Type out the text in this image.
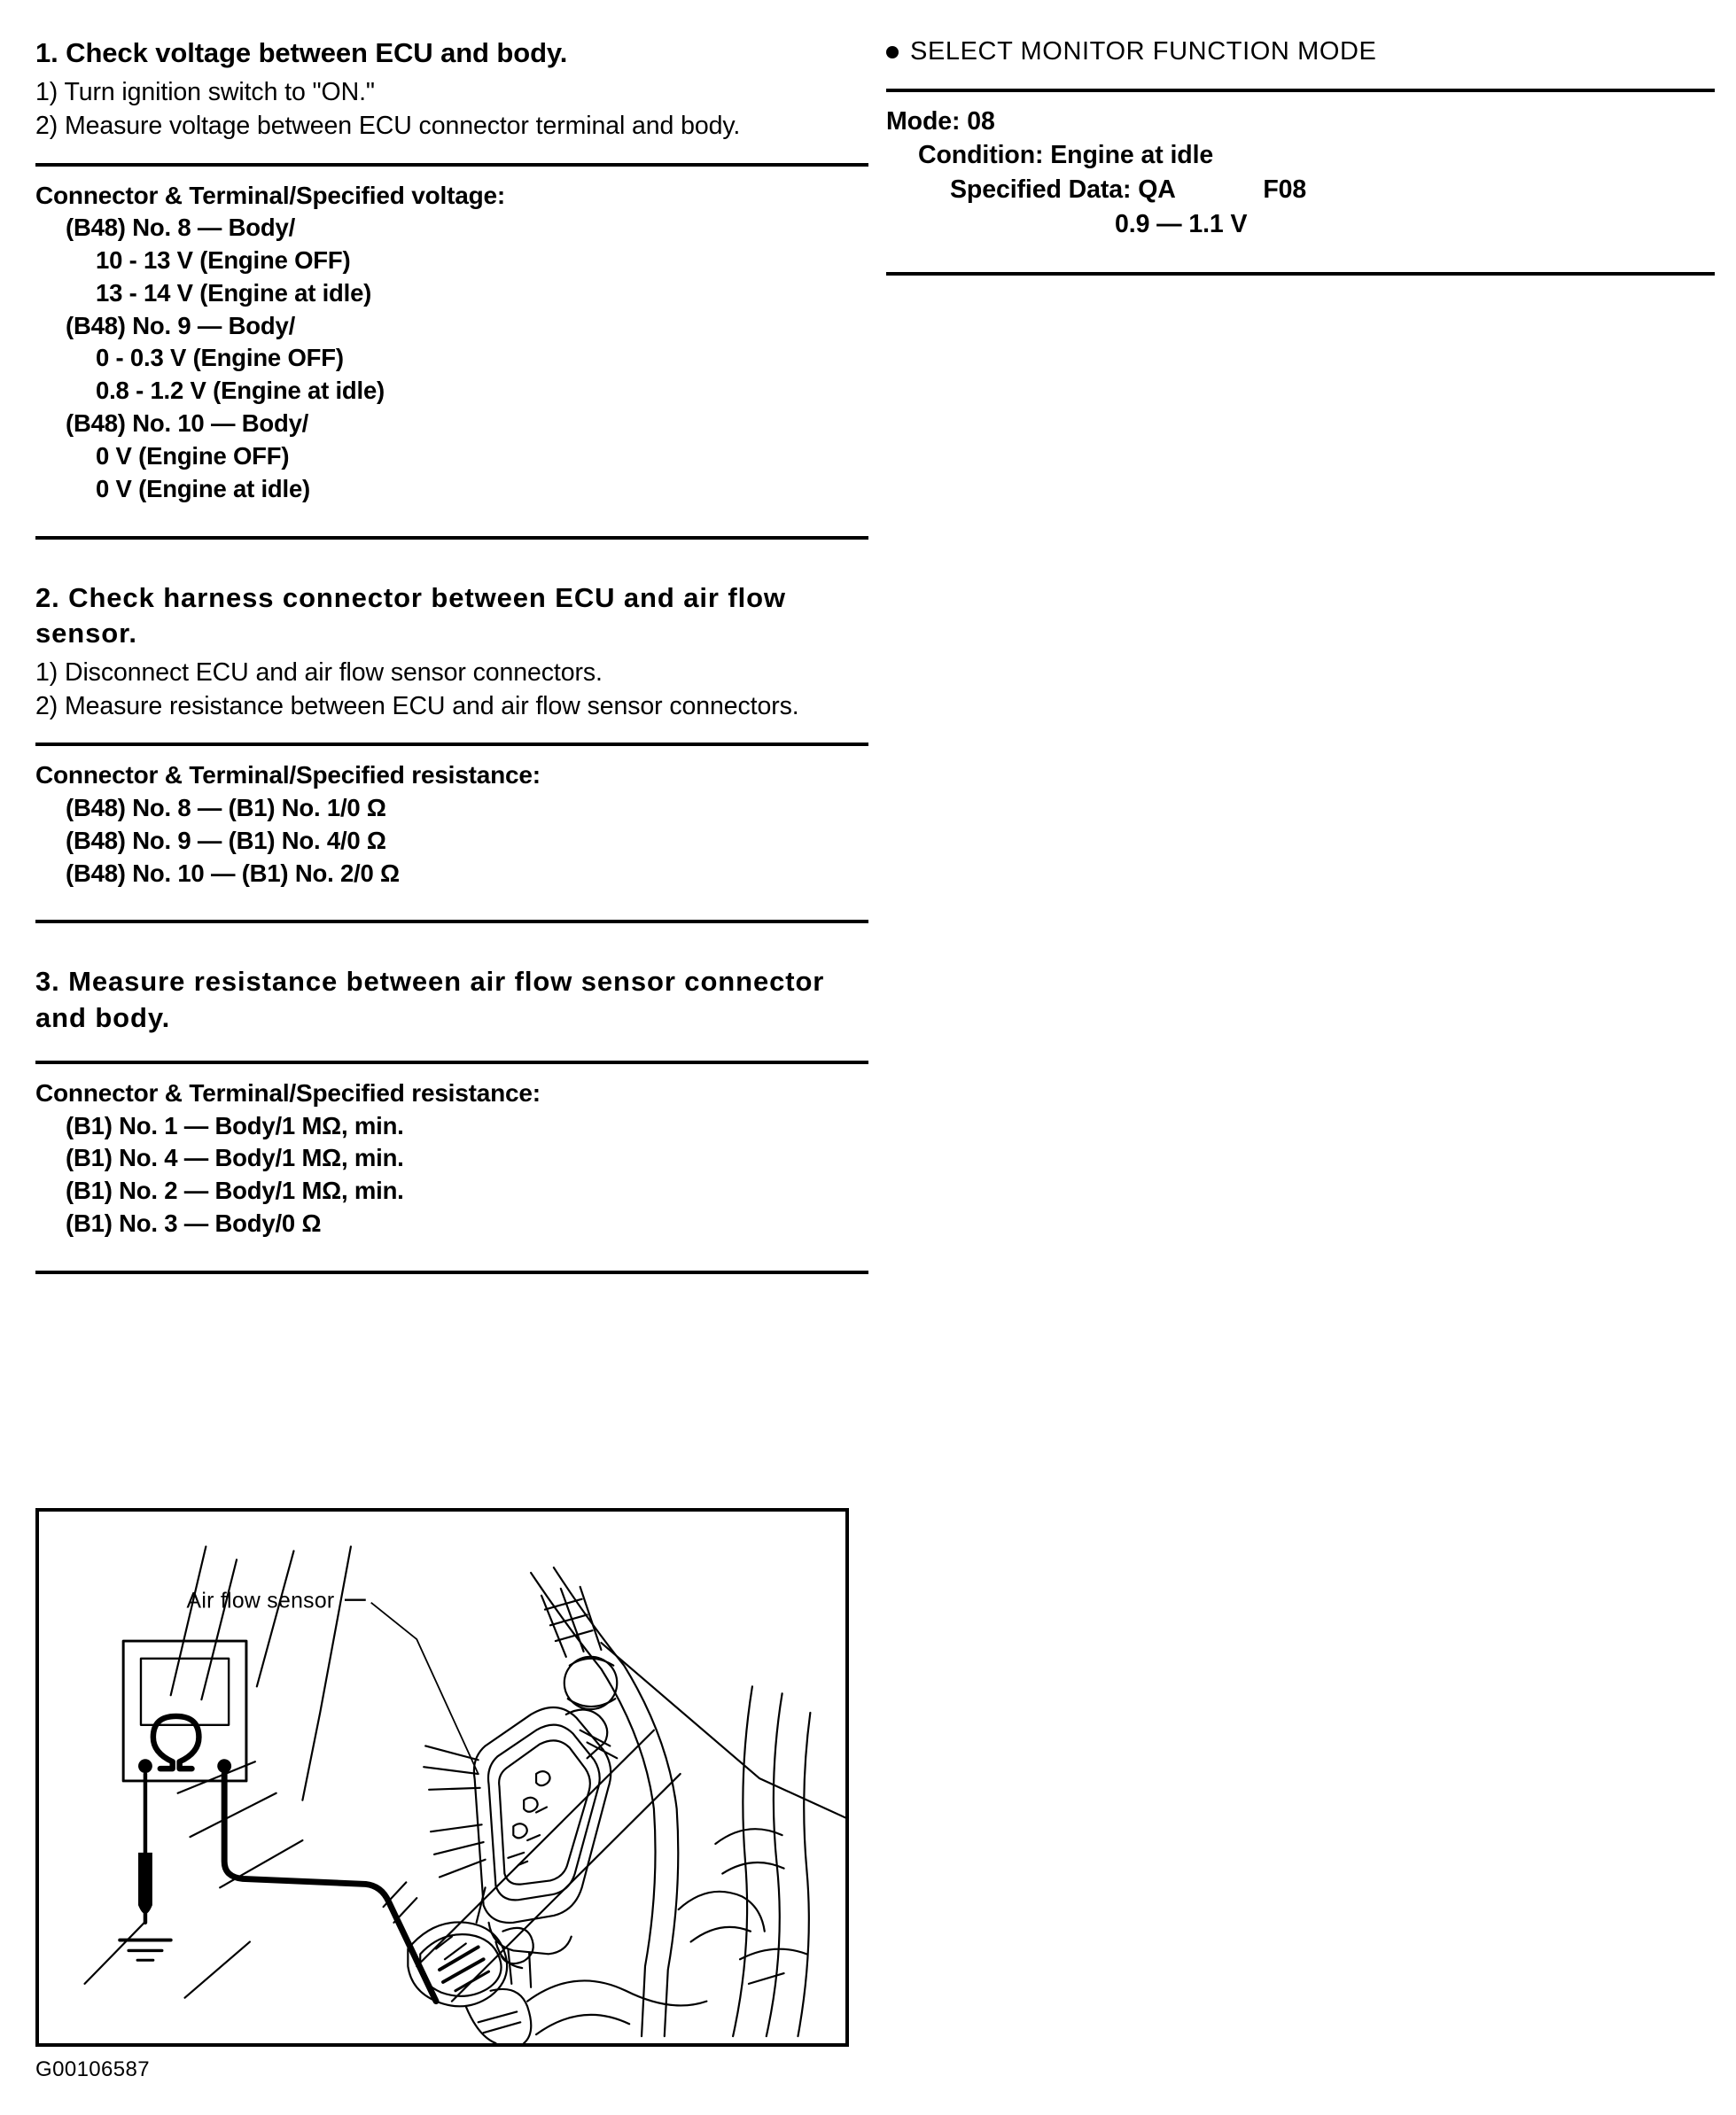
1. Check voltage between ECU and body.

1) Turn ignition switch to "ON."

2) Measure voltage between ECU connector terminal and body.

Connector & Terminal/Specified voltage:

(B48) No. 8 — Body/

10 - 13 V (Engine OFF)

13 - 14 V (Engine at idle)

(B48) No. 9 — Body/

0 - 0.3 V (Engine OFF)

0.8 - 1.2 V (Engine at idle)

(B48) No. 10 — Body/

0 V (Engine OFF)

0 V (Engine at idle)

2. Check harness connector between ECU and air flow sensor.

1) Disconnect ECU and air flow sensor connectors.

2) Measure resistance between ECU and air flow sensor connectors.

Connector & Terminal/Specified resistance:

(B48) No. 8 — (B1) No. 1/0 Ω

(B48) No. 9 — (B1) No. 4/0 Ω

(B48) No. 10 — (B1) No. 2/0 Ω

3. Measure resistance between air flow sensor connector and body.

Connector & Terminal/Specified resistance:

(B1) No. 1 — Body/1 MΩ, min.

(B1) No. 4 — Body/1 MΩ, min.

(B1) No. 2 — Body/1 MΩ, min.

(B1) No. 3 — Body/0 Ω

SELECT MONITOR FUNCTION MODE

Mode: 08

Condition: Engine at idle

Specified Data: QA	F08

0.9 — 1.1 V

Air flow sensor
G00106587
